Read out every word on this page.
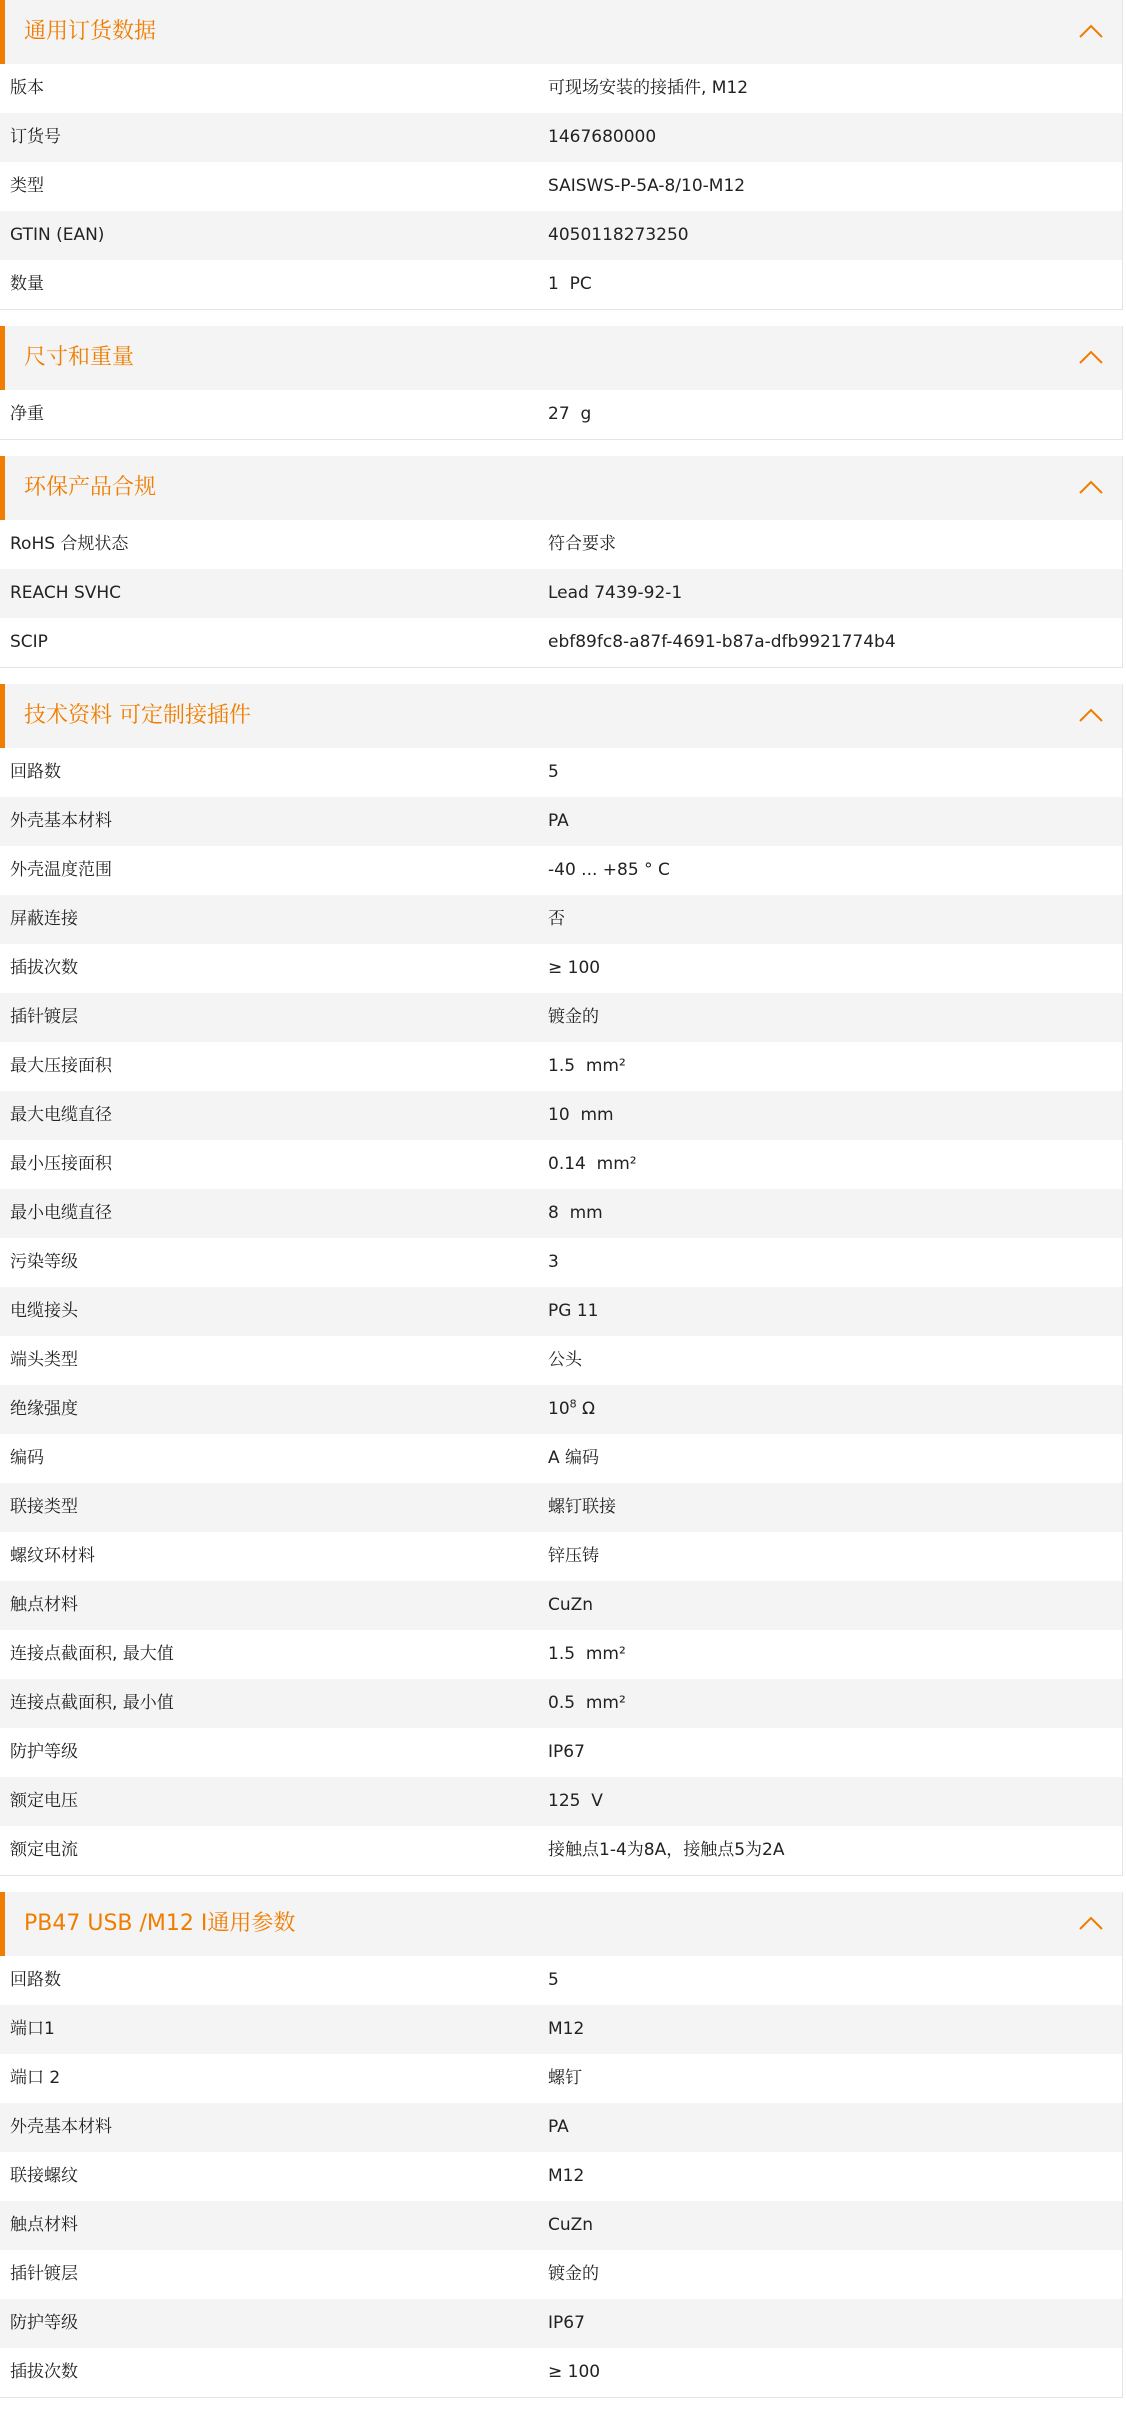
通用订货数据
版本	可现场安装的接插件, M12
订货号	1467680000
类型	SAISWS-P-5A-8/10-M12
GTIN (EAN)	4050118273250
数量	1  PC
尺寸和重量
净重	27  g
环保产品合规
RoHS 合规状态	符合要求
REACH SVHC	Lead 7439-92-1
SCIP	ebf89fc8-a87f-4691-b87a-dfb9921774b4
技术资料 可定制接插件
回路数	5
外壳基本材料	PA
外壳温度范围	-40 ... +85 ° C
屏蔽连接	否
插拔次数	≥ 100
插针镀层	镀金的
最大压接面积	1.5  mm²
最大电缆直径	10  mm
最小压接面积	0.14  mm²
最小电缆直径	8  mm
污染等级	3
电缆接头	PG 11
端头类型	公头
绝缘强度	$10^8$ Ω
编码	A 编码
联接类型	螺钉联接
螺纹环材料	锌压铸
触点材料	CuZn
连接点截面积, 最大值	1.5  mm²
连接点截面积, 最小值	0.5  mm²
防护等级	IP67
额定电压	125  V
额定电流	接触点1-4为8A，接触点5为2A
PB47 USB /M12 I通用参数
回路数	5
端口1	M12
端口 2	螺钉
外壳基本材料	PA
联接螺纹	M12
触点材料	CuZn
插针镀层	镀金的
防护等级	IP67
插拔次数	≥ 100
